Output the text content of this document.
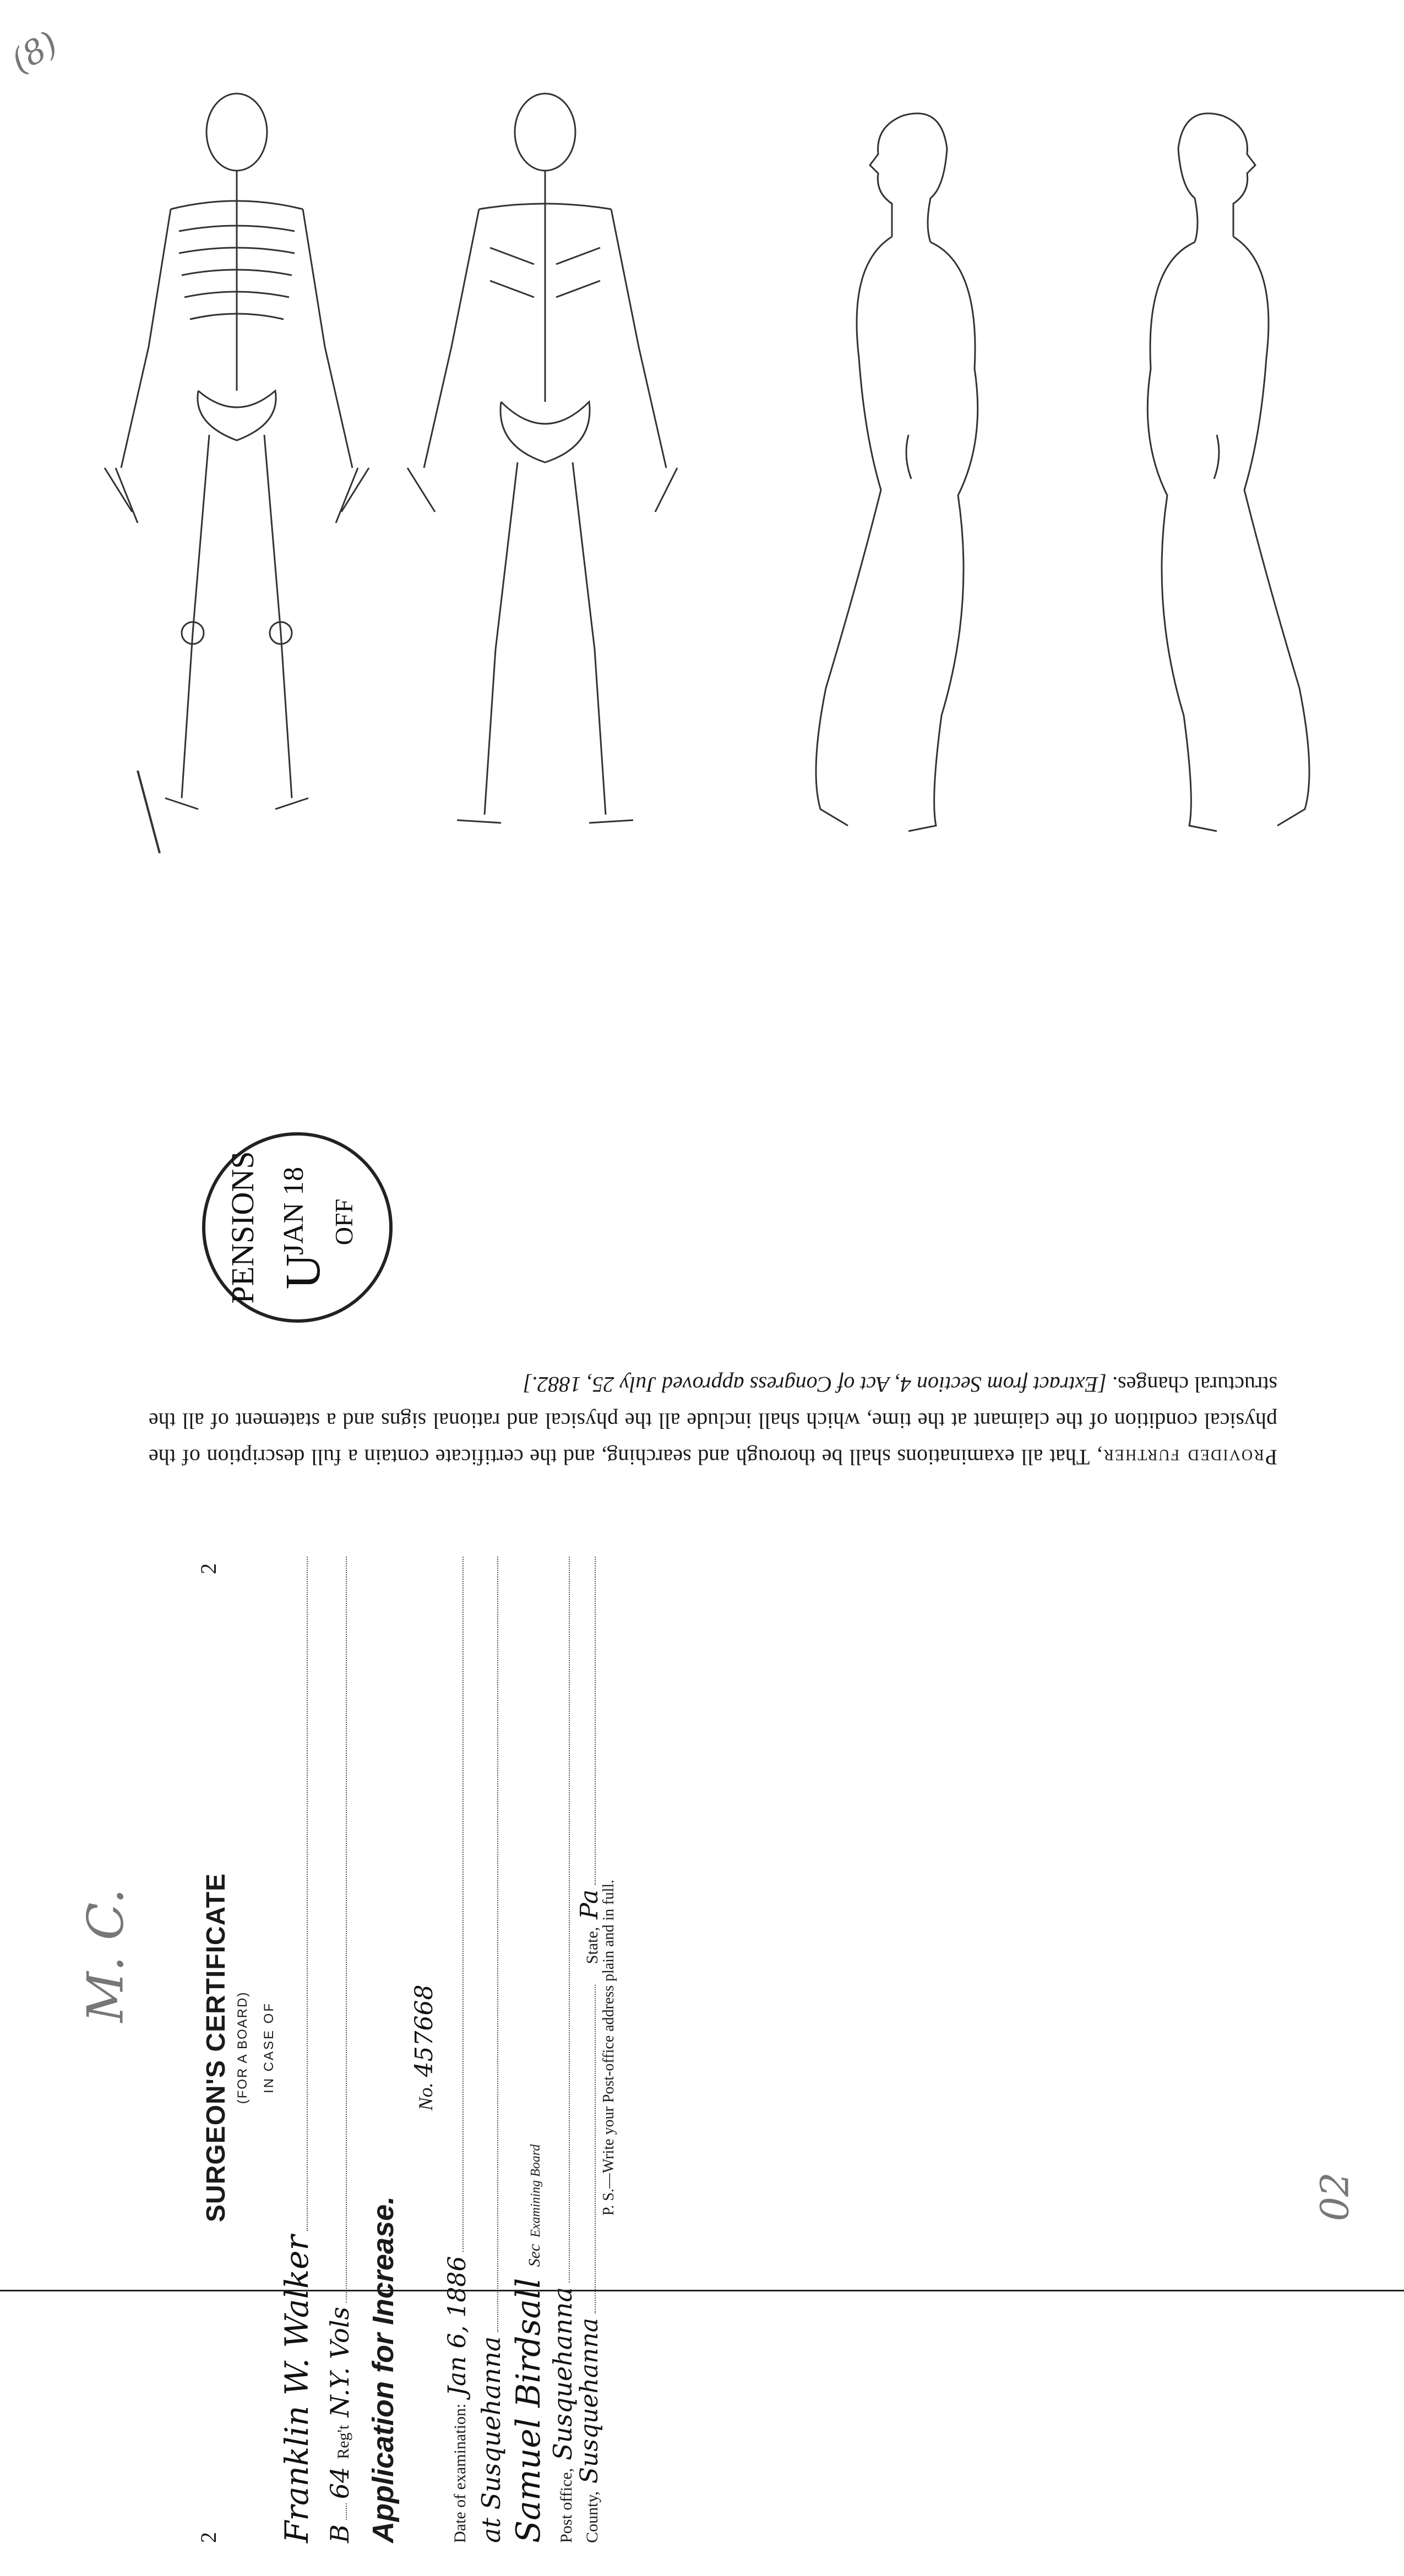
(8)
PENSIONS U
JAN 18 OFF
Provided further, That all examinations shall be thorough and searching, and the certificate contain a full description of the physical condition of the claimant at the time, which shall include all the physical and rational signs and a statement of all the structural changes. [Extract from Section 4, Act of Congress approved July 25, 1882.]
2
2
SURGEON'S CERTIFICATE (FOR A BOARD) IN CASE OF
Franklin W. Walker B
64
Reg't
N.Y. Vols Application for Increase.
No.
457668
Date of examination:
Jan 6, 1886
at Susquehanna Samuel Birdsall
Sec
Examining Board
Post office,
Susquehanna
County,
Susquehanna
State,
Pa
P. S.—Write your Post-office address plain and in full.
M. C.
02
